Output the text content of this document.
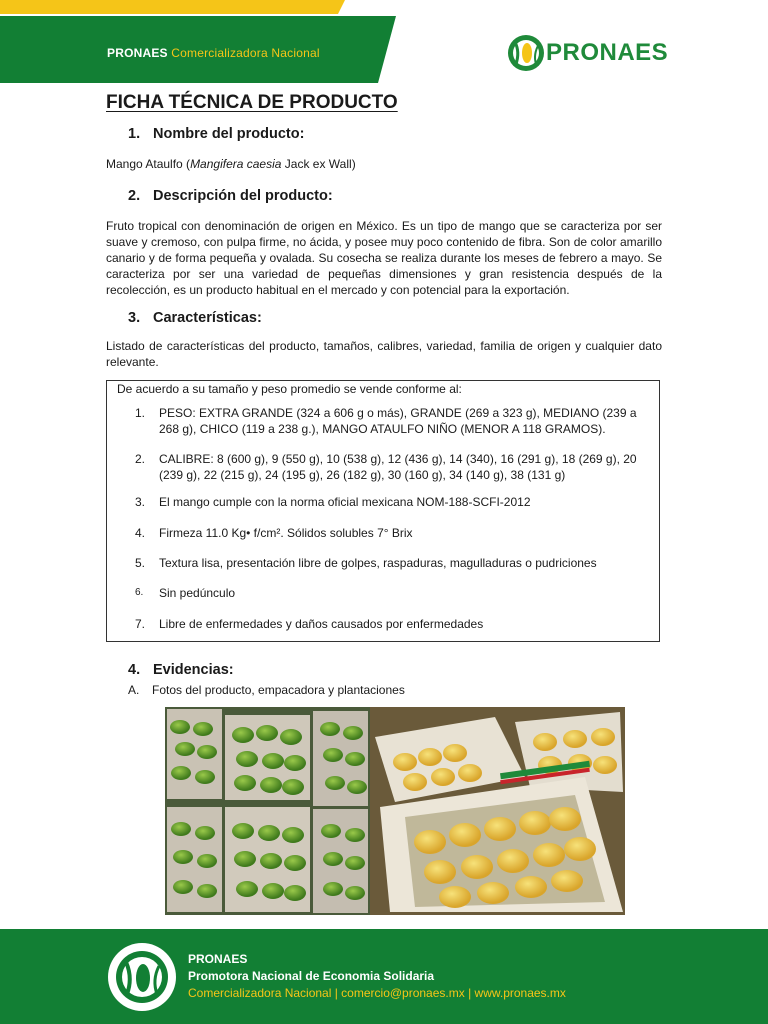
PRONAES Comercializadora Nacional	PRONAES
FICHA TÉCNICA DE PRODUCTO
1. Nombre del producto:
Mango Ataulfo (Mangifera caesia Jack ex Wall)
2. Descripción del producto:
Fruto tropical con denominación de origen en México. Es un tipo de mango que se caracteriza por ser suave y cremoso, con pulpa firme, no ácida, y posee muy poco contenido de fibra. Son de color amarillo canario y de forma pequeña y ovalada. Su cosecha se realiza durante los meses de febrero a mayo. Se caracteriza por ser una variedad de pequeñas dimensiones y gran resistencia después de la recolección, es un producto habitual en el mercado y con potencial para la exportación.
3. Características:
Listado de características del producto, tamaños, calibres, variedad, familia de origen y cualquier dato relevante.
De acuerdo a su tamaño y peso promedio se vende conforme al:
1.	PESO: EXTRA GRANDE (324 a 606 g o más), GRANDE (269 a 323 g), MEDIANO (239 a 268 g), CHICO (119 a 238 g.), MANGO ATAULFO NIÑO (MENOR A 118 GRAMOS).
2.	CALIBRE: 8 (600 g), 9 (550 g), 10 (538 g), 12 (436 g), 14 (340), 16 (291 g), 18 (269 g), 20 (239 g), 22 (215 g), 24 (195 g), 26 (182 g), 30 (160 g), 34 (140 g), 38 (131 g)
3.	El mango cumple con la norma oficial mexicana NOM-188-SCFI-2012
4.	Firmeza 11.0 Kg• f/cm². Sólidos solubles 7° Brix
5.	Textura lisa, presentación libre de golpes, raspaduras, magulladuras o pudriciones
6.	Sin pedúnculo
7.	Libre de enfermedades y daños causados por enfermedades
4. Evidencias:
A. Fotos del producto, empacadora y plantaciones
PRONAES
Promotora Nacional de Economia Solidaria
Comercializadora Nacional | comercio@pronaes.mx | www.pronaes.mx
